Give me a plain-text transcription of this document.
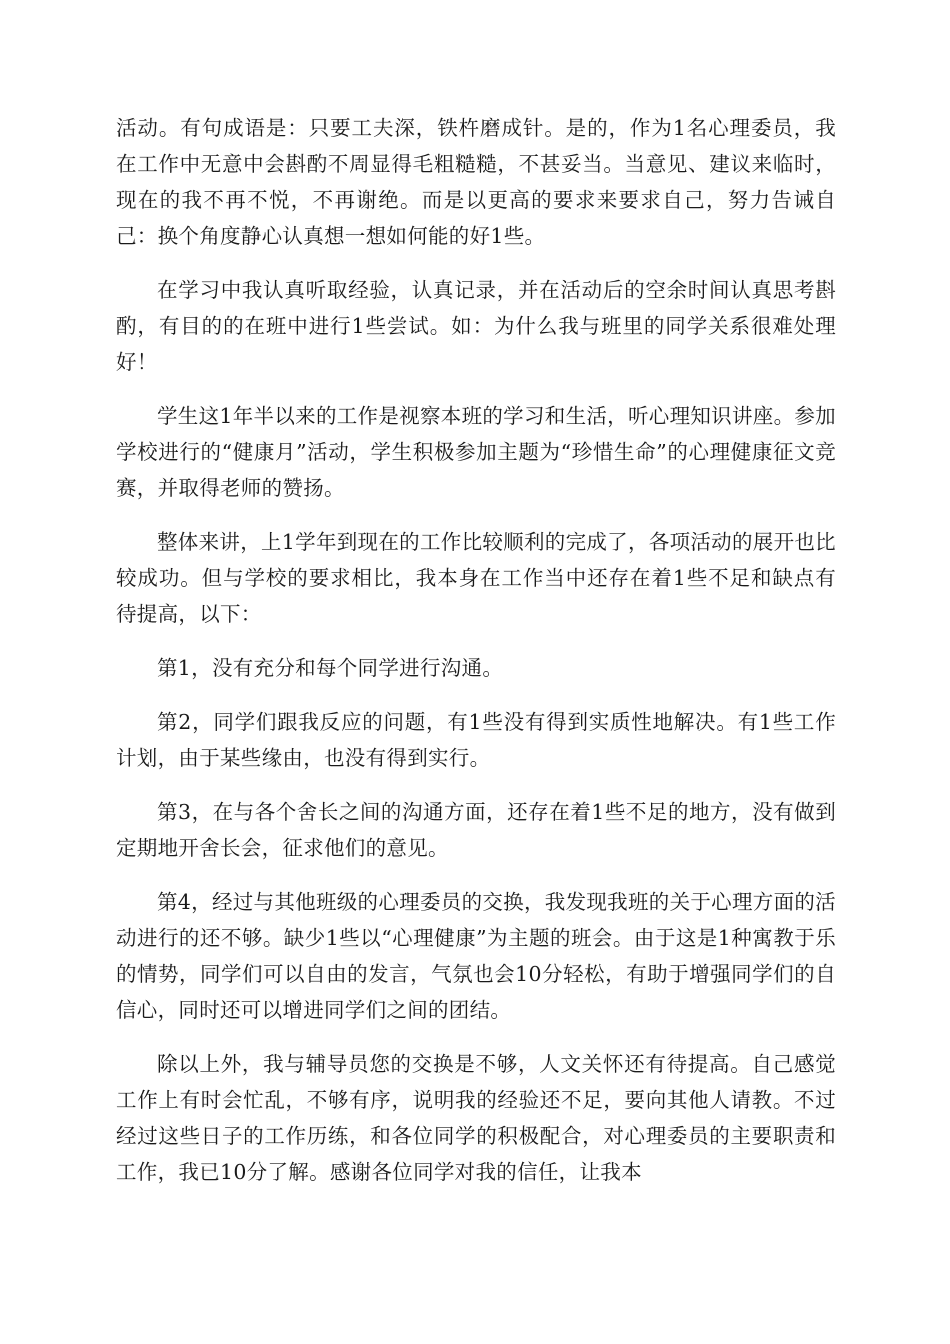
活动。有句成语是：只要工夫深，铁杵磨成针。是的，作为1名心理委员，我在工作中无意中会斟酌不周显得毛粗糙糙，不甚妥当。当意见、建议来临时，现在的我不再不悦，不再谢绝。而是以更高的要求来要求自己，努力告诫自己：换个角度静心认真想一想如何能的好1些。

在学习中我认真听取经验，认真记录，并在活动后的空余时间认真思考斟酌，有目的的在班中进行1些尝试。如：为什么我与班里的同学关系很难处理好！

学生这1年半以来的工作是视察本班的学习和生活，听心理知识讲座。参加学校进行的“健康月”活动，学生积极参加主题为“珍惜生命”的心理健康征文竞赛，并取得老师的赞扬。

整体来讲，上1学年到现在的工作比较顺利的完成了，各项活动的展开也比较成功。但与学校的要求相比，我本身在工作当中还存在着1些不足和缺点有待提高，以下：

第1，没有充分和每个同学进行沟通。

第2，同学们跟我反应的问题，有1些没有得到实质性地解决。有1些工作计划，由于某些缘由，也没有得到实行。

第3，在与各个舍长之间的沟通方面，还存在着1些不足的地方，没有做到定期地开舍长会，征求他们的意见。

第4，经过与其他班级的心理委员的交换，我发现我班的关于心理方面的活动进行的还不够。缺少1些以“心理健康”为主题的班会。由于这是1种寓教于乐的情势，同学们可以自由的发言，气氛也会10分轻松，有助于增强同学们的自信心，同时还可以增进同学们之间的团结。

除以上外，我与辅导员您的交换是不够，人文关怀还有待提高。自己感觉工作上有时会忙乱，不够有序，说明我的经验还不足，要向其他人请教。不过经过这些日子的工作历练，和各位同学的积极配合，对心理委员的主要职责和工作，我已10分了解。感谢各位同学对我的信任，让我本
